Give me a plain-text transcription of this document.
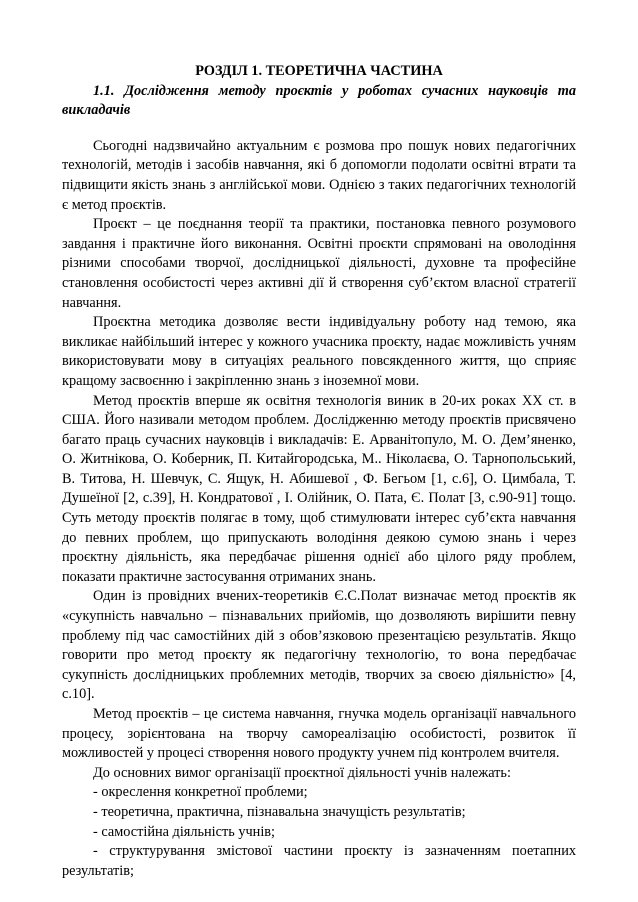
РОЗДІЛ 1. ТЕОРЕТИЧНА ЧАСТИНА

1.1. Дослідження методу проєктів у роботах сучасних науковців та викладачів

Сьогодні надзвичайно актуальним є розмова про пошук нових педагогічних технологій, методів і засобів навчання, які б допомогли подолати освітні втрати та підвищити якість знань з англійської мови. Однією з таких педагогічних технологій є метод проєктів.

Проєкт – це поєднання теорії та практики, постановка певного розумового завдання і практичне його виконання. Освітні проєкти спрямовані на оволодіння різними способами творчої, дослідницької діяльності, духовне та професійне становлення особистості через активні дії й створення суб’єктом власної стратегії навчання.

Проєктна методика дозволяє вести індивідуальну роботу над темою, яка викликає найбільший інтерес у кожного учасника проєкту, надає можливість учням використовувати мову в ситуаціях реального повсякденного життя, що сприяє кращому засвоєнню і закріпленню знань з іноземної мови.

Метод проєктів вперше як освітня технологія виник в 20-их роках ХХ ст. в США. Його називали методом проблем. Дослідженню методу проєктів присвячено багато праць сучасних науковців і викладачів: Е. Арванітопуло, М. О. Дем’яненко, О. Житнікова, О. Коберник, П. Китайгородська, М.. Ніколаєва, О. Тарнопольський, В. Титова, Н. Шевчук, С. Ящук, Н. Абишевої , Ф. Бегьом [1, с.6], О. Цимбала, Т. Душеїної [2, с.39], Н. Кондратової , І. Олійник, О. Пата, Є. Полат [3, с.90-91] тощо. Суть методу проєктів полягає в тому, щоб стимулювати інтерес суб’єкта навчання до певних проблем, що припускають володіння деякою сумою знань і через проєктну діяльність, яка передбачає рішення однієї або цілого ряду проблем, показати практичне застосування отриманих знань.

Один із провідних вчених-теоретиків Є.С.Полат визначає метод проєктів як «сукупність навчально – пізнавальних прийомів, що дозволяють вирішити певну проблему під час самостійних дій з обов’язковою презентацією результатів. Якщо говорити про метод проєкту як педагогічну технологію, то вона передбачає сукупність дослідницьких проблемних методів, творчих за своєю діяльністю» [4, с.10].

Метод проєктів – це система навчання, гнучка модель організації навчального процесу, зорієнтована на творчу самореалізацію особистості, розвиток її можливостей у процесі створення нового продукту учнем під контролем вчителя.

До основних вимог організації проєктної діяльності учнів належать:

- окреслення конкретної проблеми;

- теоретична, практична, пізнавальна значущість результатів;

- самостійна діяльність учнів;

- структурування змістової частини проєкту із зазначенням поетапних результатів;
